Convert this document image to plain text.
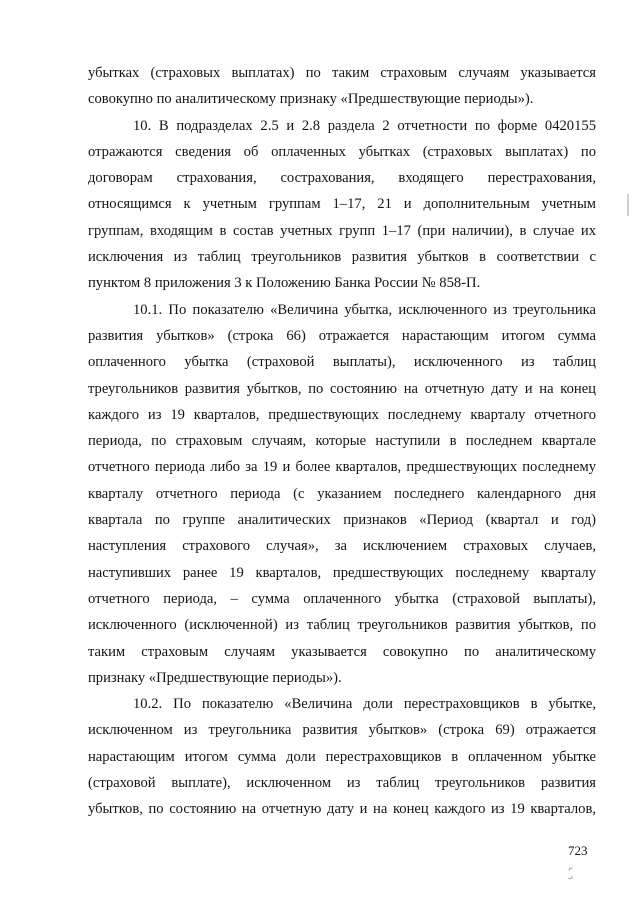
убытках (страховых выплатах) по таким страховым случаям указывается
совокупно по аналитическому признаку «Предшествующие периоды»).
10. В подразделах 2.5 и 2.8 раздела 2 отчетности по форме 0420155
отражаются сведения об оплаченных убытках (страховых выплатах) по
договорам страхования, сострахования, входящего перестрахования,
относящимся к учетным группам 1–17, 21 и дополнительным учетным
группам, входящим в состав учетных групп 1–17 (при наличии), в случае их
исключения из таблиц треугольников развития убытков в соответствии с
пунктом 8 приложения 3 к Положению Банка России № 858-П.
10.1. По показателю «Величина убытка, исключенного из треугольника
развития убытков» (строка 66) отражается нарастающим итогом сумма
оплаченного убытка (страховой выплаты), исключенного из таблиц
треугольников развития убытков, по состоянию на отчетную дату и на конец
каждого из 19 кварталов, предшествующих последнему кварталу отчетного
периода, по страховым случаям, которые наступили в последнем квартале
отчетного периода либо за 19 и более кварталов, предшествующих последнему
кварталу отчетного периода (с указанием последнего календарного дня
квартала по группе аналитических признаков «Период (квартал и год)
наступления страхового случая», за исключением страховых случаев,
наступивших ранее 19 кварталов, предшествующих последнему кварталу
отчетного периода, – сумма оплаченного убытка (страховой выплаты),
исключенного (исключенной) из таблиц треугольников развития убытков, по
таким страховым случаям указывается совокупно по аналитическому
признаку «Предшествующие периоды»).
10.2. По показателю «Величина доли перестраховщиков в убытке,
исключенном из треугольника развития убытков» (строка 69) отражается
нарастающим итогом сумма доли перестраховщиков в оплаченном убытке
(страховой выплате), исключенном из таблиц треугольников развития
убытков, по состоянию на отчетную дату и на конец каждого из 19 кварталов,
723
